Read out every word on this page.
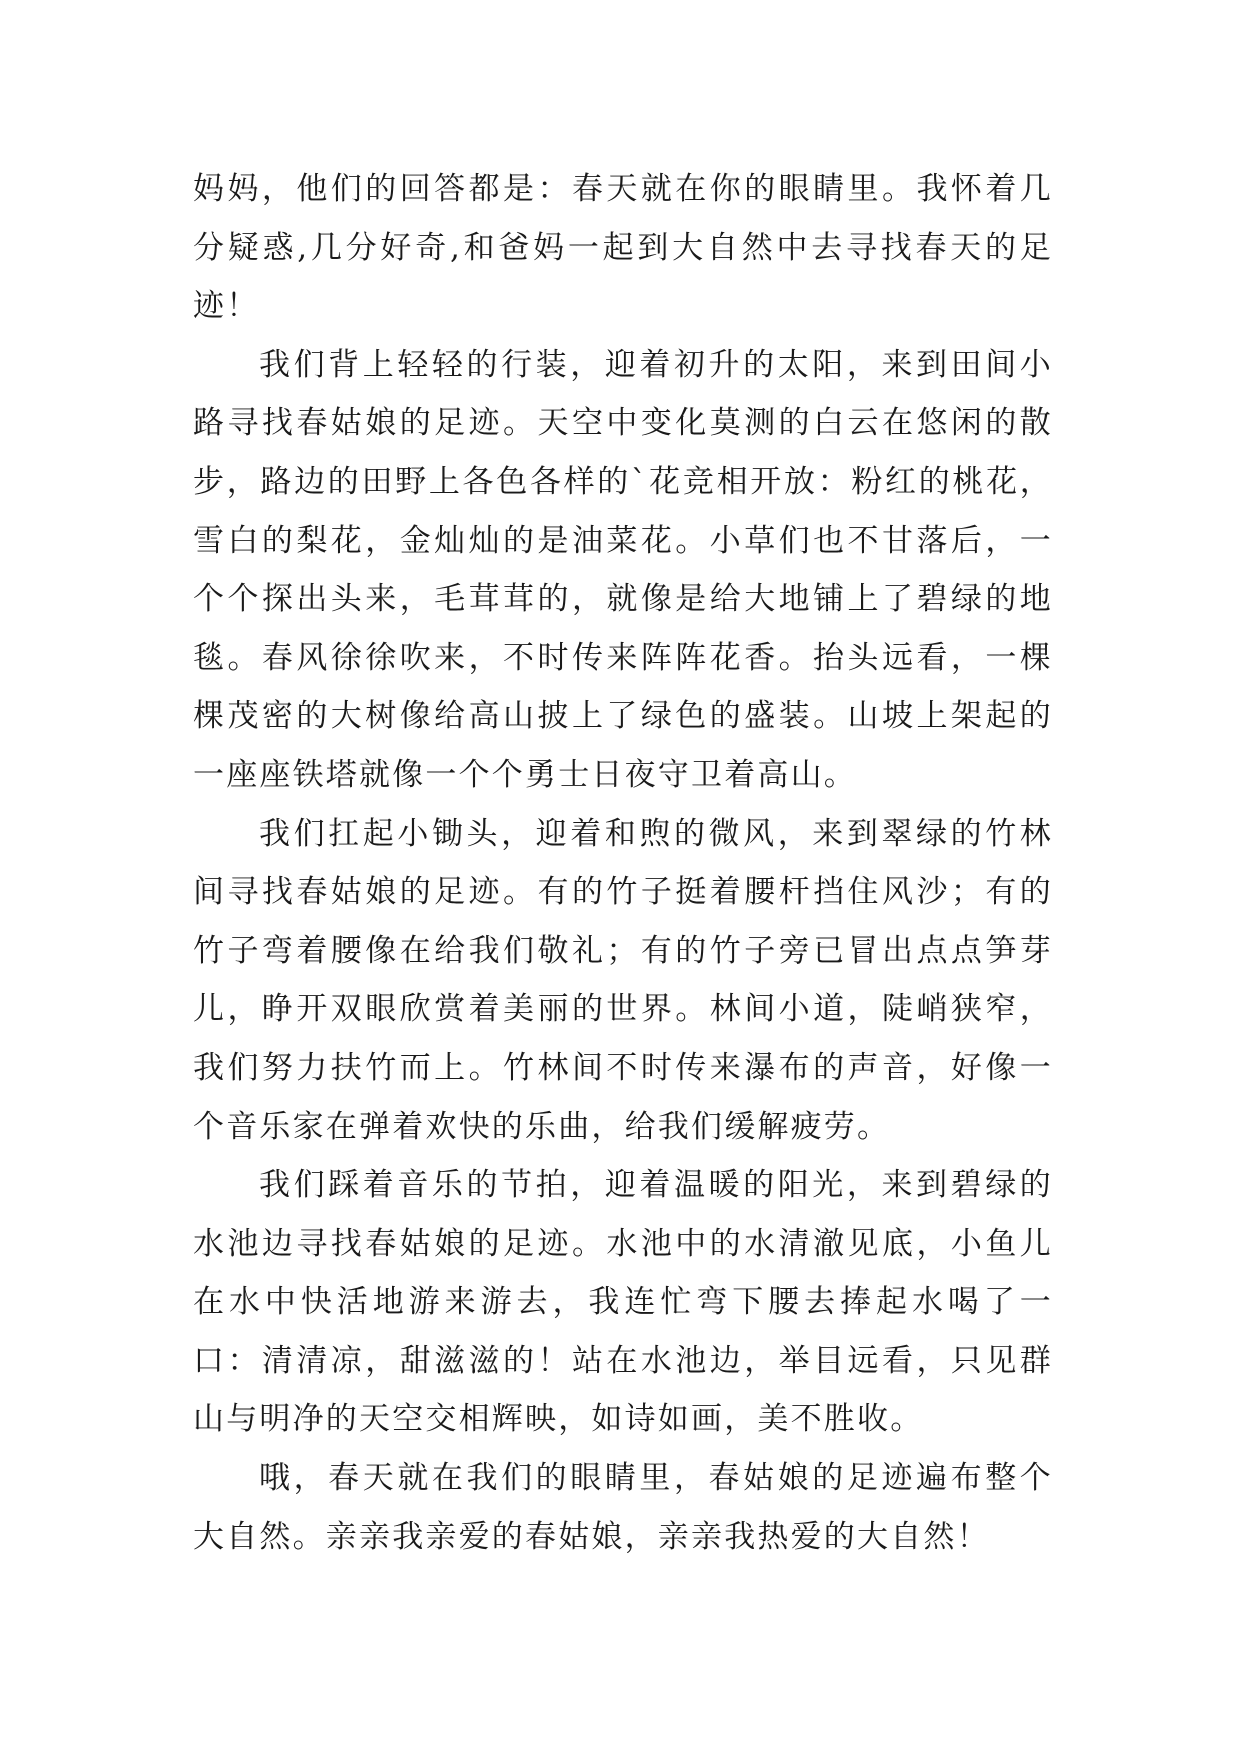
妈妈，他们的回答都是：春天就在你的眼睛里。我怀着几分疑惑,几分好奇,和爸妈一起到大自然中去寻找春天的足迹！

我们背上轻轻的行装，迎着初升的太阳，来到田间小路寻找春姑娘的足迹。天空中变化莫测的白云在悠闲的散步，路边的田野上各色各样的`花竞相开放：粉红的桃花，雪白的梨花，金灿灿的是油菜花。小草们也不甘落后，一个个探出头来，毛茸茸的，就像是给大地铺上了碧绿的地毯。春风徐徐吹来，不时传来阵阵花香。抬头远看，一棵棵茂密的大树像给高山披上了绿色的盛装。山坡上架起的一座座铁塔就像一个个勇士日夜守卫着高山。

我们扛起小锄头，迎着和煦的微风，来到翠绿的竹林间寻找春姑娘的足迹。有的竹子挺着腰杆挡住风沙；有的竹子弯着腰像在给我们敬礼；有的竹子旁已冒出点点笋芽儿，睁开双眼欣赏着美丽的世界。林间小道，陡峭狭窄，我们努力扶竹而上。竹林间不时传来瀑布的声音，好像一个音乐家在弹着欢快的乐曲，给我们缓解疲劳。

我们踩着音乐的节拍，迎着温暖的阳光，来到碧绿的水池边寻找春姑娘的足迹。水池中的水清澈见底，小鱼儿在水中快活地游来游去，我连忙弯下腰去捧起水喝了一口：清清凉，甜滋滋的！站在水池边，举目远看，只见群山与明净的天空交相辉映，如诗如画，美不胜收。

哦，春天就在我们的眼睛里，春姑娘的足迹遍布整个大自然。亲亲我亲爱的春姑娘，亲亲我热爱的大自然！
